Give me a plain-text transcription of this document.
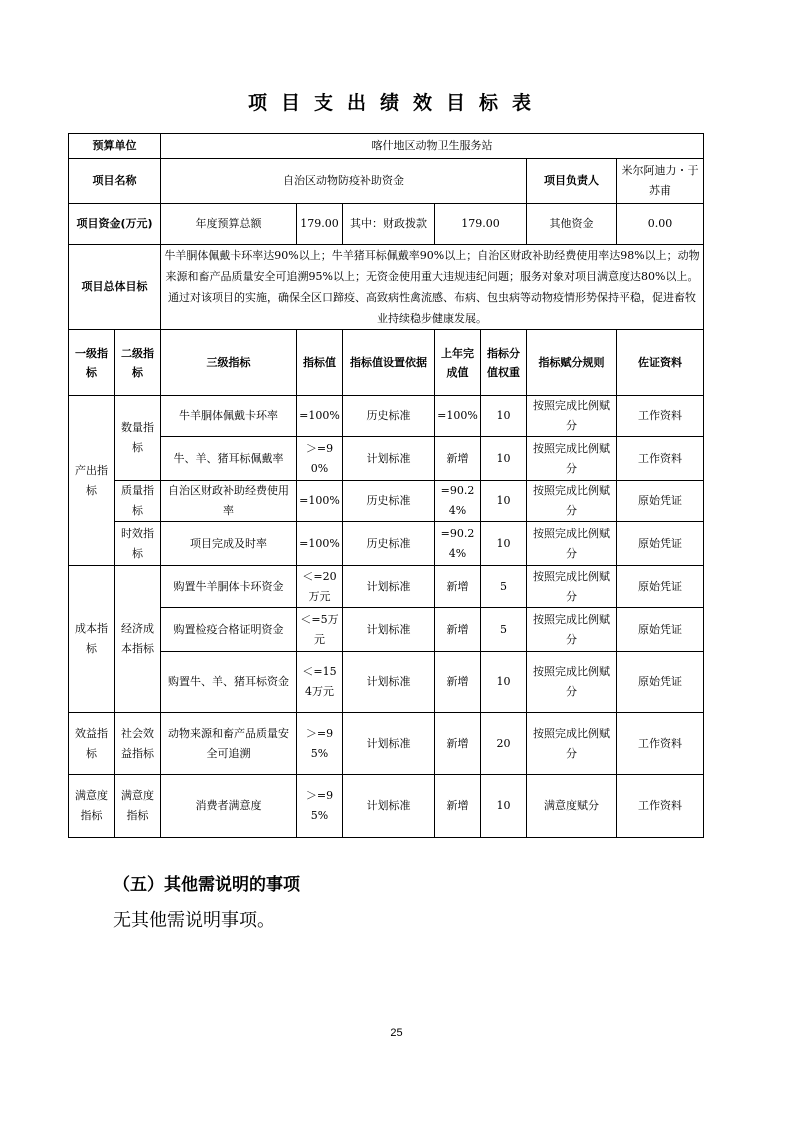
项目支出绩效目标表
预算单位		喀什地区动物卫生服务站						
项目名称		自治区动物防疫补助资金					项目负责人	米尔阿迪力・于苏甫
项目资金(万元)		年度预算总额	179.00	其中：财政拨款	179.00		其他资金	0.00
项目总体目标		牛羊胴体佩戴卡环率达90%以上；牛羊猪耳标佩戴率90%以上；自治区财政补助经费使用率达98%以上；动物来源和畜产品质量安全可追溯95%以上；无资金使用重大违规违纪问题；服务对象对项目满意度达80%以上。通过对该项目的实施，确保全区口蹄疫、高致病性禽流感、布病、包虫病等动物疫情形势保持平稳，促进畜牧业持续稳步健康发展。						
一级指标	二级指标	三级指标	指标值	指标值设置依据	上年完成值	指标分值权重	指标赋分规则	佐证资料
产出指标	数量指标	牛羊胴体佩戴卡环率	=100%	历史标准	=100%	10	按照完成比例赋分	工作资料
		牛、羊、猪耳标佩戴率	＞=90%	计划标准	新增	10	按照完成比例赋分	工作资料
	质量指标	自治区财政补助经费使用率	=100%	历史标准	=90.24%	10	按照完成比例赋分	原始凭证
	时效指标	项目完成及时率	=100%	历史标准	=90.24%	10	按照完成比例赋分	原始凭证
成本指标	经济成本指标	购置牛羊胴体卡环资金	＜=20万元	计划标准	新增	5	按照完成比例赋分	原始凭证
		购置检疫合格证明资金	＜=5万元	计划标准	新增	5	按照完成比例赋分	原始凭证
		购置牛、羊、猪耳标资金	＜=154万元	计划标准	新增	10	按照完成比例赋分	原始凭证
效益指标	社会效益指标	动物来源和畜产品质量安全可追溯	＞=95%	计划标准	新增	20	按照完成比例赋分	工作资料
满意度指标	满意度指标	消费者满意度	＞=95%	计划标准	新增	10	满意度赋分	工作资料
（五）其他需说明的事项
无其他需说明事项。
25
